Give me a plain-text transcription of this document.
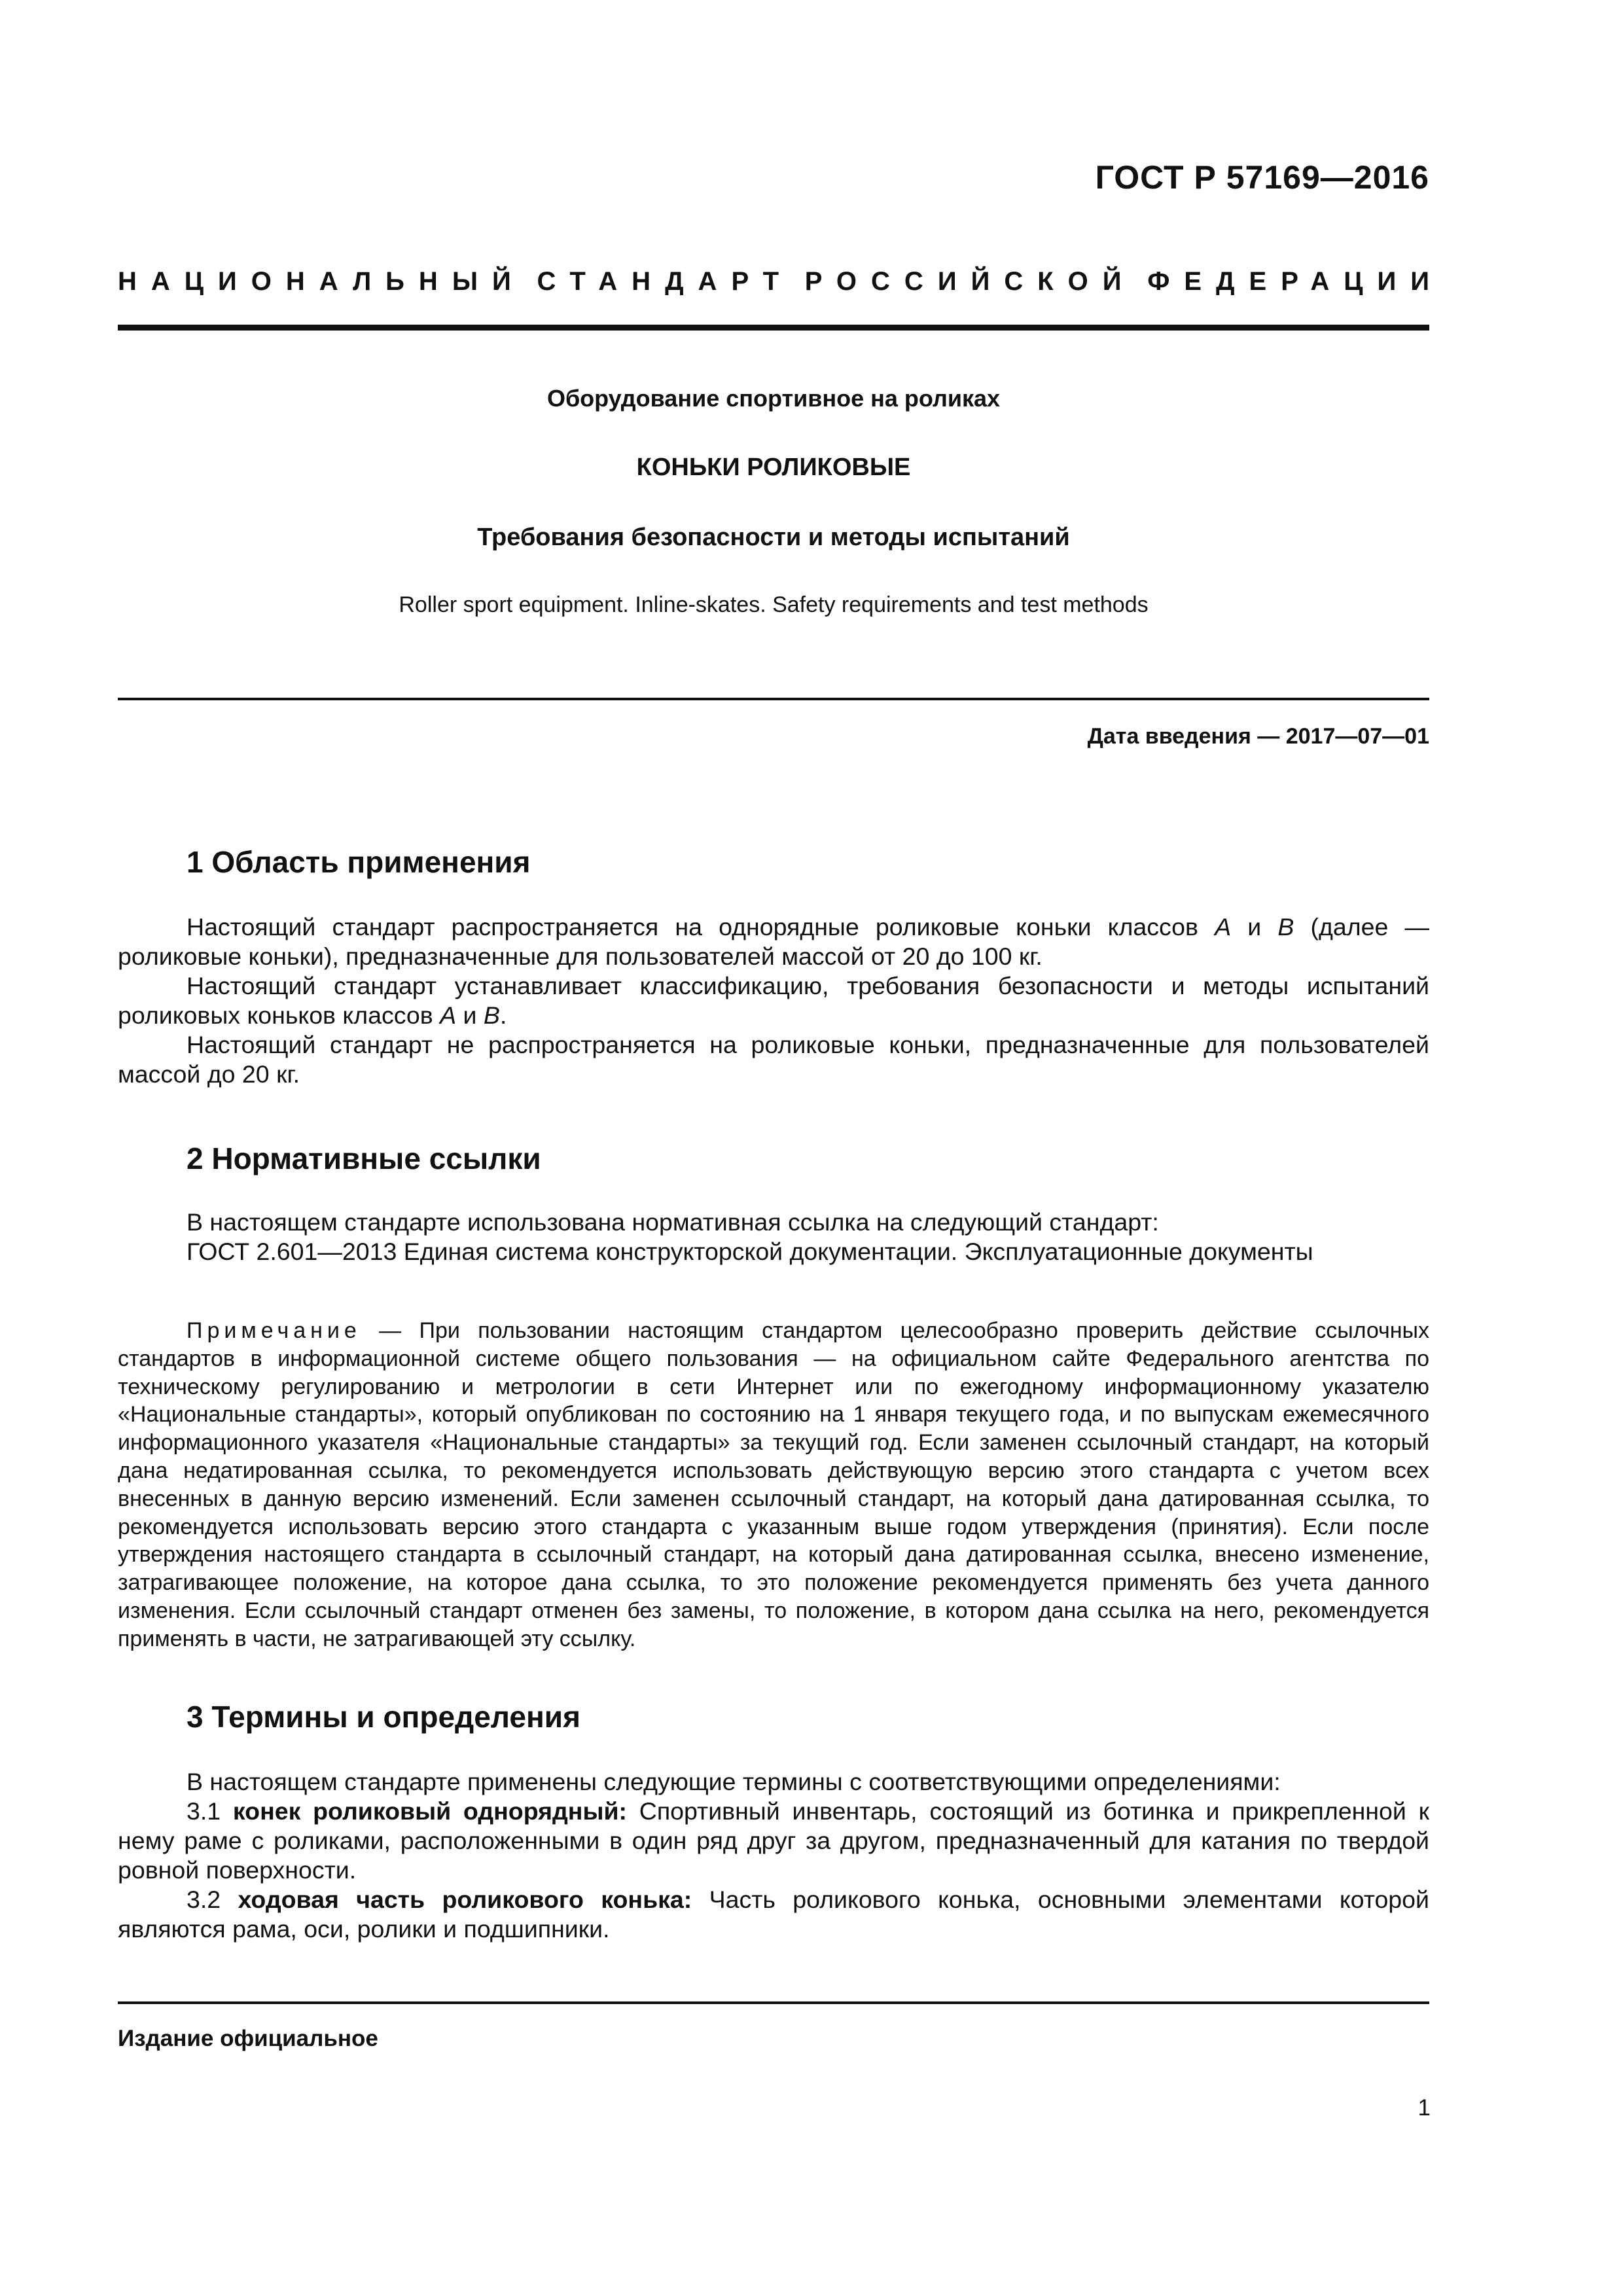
ГОСТ Р 57169—2016
НАЦИОНАЛЬНЫЙ СТАНДАРТ РОССИЙСКОЙ ФЕДЕРАЦИИ
Оборудование спортивное на роликах
КОНЬКИ РОЛИКОВЫЕ
Требования безопасности и методы испытаний
Roller sport equipment. Inline-skates. Safety requirements and test methods
Дата введения — 2017—07—01
1 Область применения

Настоящий стандарт распространяется на однорядные роликовые коньки классов А и В (далее — роликовые коньки), предназначенные для пользователей массой от 20 до 100 кг.

Настоящий стандарт устанавливает классификацию, требования безопасности и методы испытаний роликовых коньков классов А и В.

Настоящий стандарт не распространяется на роликовые коньки, предназначенные для пользователей массой до 20 кг.

2 Нормативные ссылки

В настоящем стандарте использована нормативная ссылка на следующий стандарт:

ГОСТ 2.601—2013 Единая система конструкторской документации. Эксплуатационные документы

Примечание — При пользовании настоящим стандартом целесообразно проверить действие ссылочных стандартов в информационной системе общего пользования — на официальном сайте Федерального агентства по техническому регулированию и метрологии в сети Интернет или по ежегодному информационному указателю «Национальные стандарты», который опубликован по состоянию на 1 января текущего года, и по выпускам ежемесячного информационного указателя «Национальные стандарты» за текущий год. Если заменен ссылочный стандарт, на который дана недатированная ссылка, то рекомендуется использовать действующую версию этого стандарта с учетом всех внесенных в данную версию изменений. Если заменен ссылочный стандарт, на который дана датированная ссылка, то рекомендуется использовать версию этого стандарта с указанным выше годом утверждения (принятия). Если после утверждения настоящего стандарта в ссылочный стандарт, на который дана датированная ссылка, внесено изменение, затрагивающее положение, на которое дана ссылка, то это положение рекомендуется применять без учета данного изменения. Если ссылочный стандарт отменен без замены, то положение, в котором дана ссылка на него, рекомендуется применять в части, не затрагивающей эту ссылку.

3 Термины и определения

В настоящем стандарте применены следующие термины с соответствующими определениями:

3.1 конек роликовый однорядный: Спортивный инвентарь, состоящий из ботинка и прикрепленной к нему раме с роликами, расположенными в один ряд друг за другом, предназначенный для катания по твердой ровной поверхности.

3.2 ходовая часть роликового конька: Часть роликового конька, основными элементами которой являются рама, оси, ролики и подшипники.

Издание официальное
1
